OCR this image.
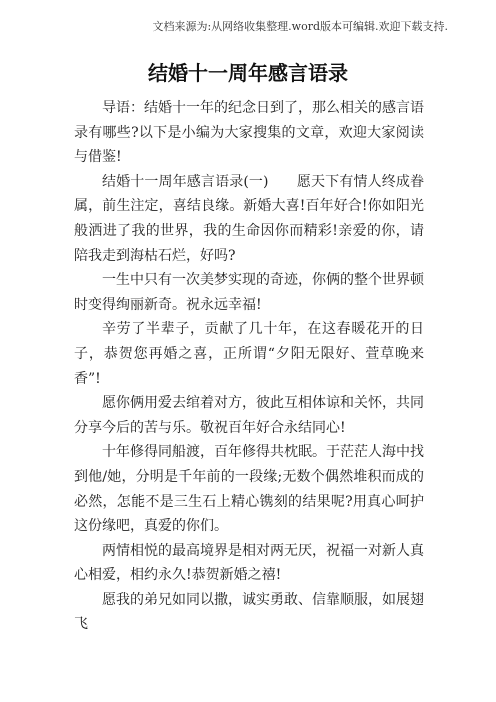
文档来源为:从网络收集整理.word版本可编辑.欢迎下载支持.
结婚十一周年感言语录

导语：结婚十一年的纪念日到了，那么相关的感言语录有哪些?以下是小编为大家搜集的文章，欢迎大家阅读与借鉴!

结婚十一周年感言语录(一)　　愿天下有情人终成眷属，前生注定，喜结良缘。新婚大喜!百年好合!你如阳光般洒进了我的世界，我的生命因你而精彩!亲爱的你，请陪我走到海枯石烂，好吗?

一生中只有一次美梦实现的奇迹，你俩的整个世界顿时变得绚丽新奇。祝永远幸福!

辛劳了半辈子，贡献了几十年，在这春暖花开的日子，恭贺您再婚之喜，正所谓“夕阳无限好、萱草晚来香”!

愿你俩用爱去绾着对方，彼此互相体谅和关怀，共同分享今后的苦与乐。敬祝百年好合永结同心!

十年修得同船渡，百年修得共枕眠。于茫茫人海中找到他/她，分明是千年前的一段缘;无数个偶然堆积而成的必然，怎能不是三生石上精心镌刻的结果呢?用真心呵护这份缘吧，真爱的你们。

两情相悦的最高境界是相对两无厌，祝福一对新人真心相爱，相约永久!恭贺新婚之禧!

愿我的弟兄如同以撒，诚实勇敢、信靠顺服，如展翅飞
